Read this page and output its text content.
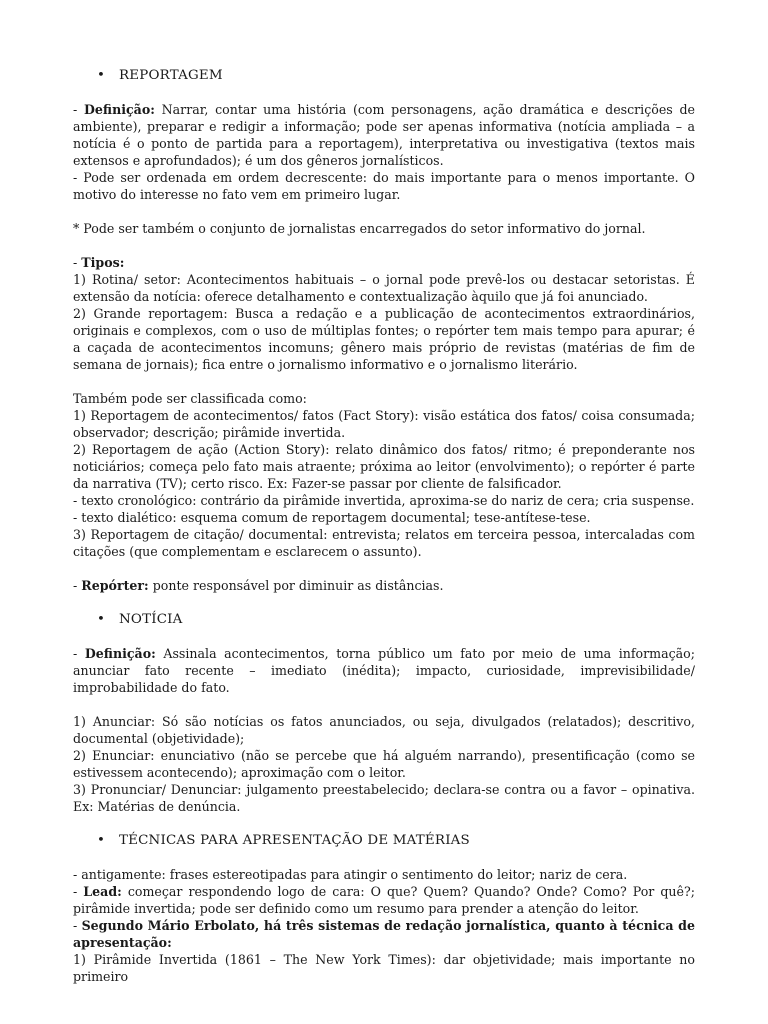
•	REPORTAGEM

- Definição: Narrar, contar uma história (com personagens, ação dramática e descrições de ambiente), preparar e redigir a informação; pode ser apenas informativa (notícia ampliada – a notícia é o ponto de partida para a reportagem), interpretativa ou investigativa (textos mais extensos e aprofundados); é um dos gêneros jornalísticos.

- Pode ser ordenada em ordem decrescente: do mais importante para o menos importante. O motivo do interesse no fato vem em primeiro lugar.

* Pode ser também o conjunto de jornalistas encarregados do setor informativo do jornal.

- Tipos:

1) Rotina/ setor: Acontecimentos habituais – o jornal pode prevê-los ou destacar setoristas. É extensão da notícia: oferece detalhamento e contextualização àquilo que já foi anunciado.

2) Grande reportagem: Busca a redação e a publicação de acontecimentos extraordinários, originais e complexos, com o uso de múltiplas fontes; o repórter tem mais tempo para apurar; é a caçada de acontecimentos incomuns; gênero mais próprio de revistas (matérias de fim de semana de jornais); fica entre o jornalismo informativo e o jornalismo literário.

Também pode ser classificada como:

1) Reportagem de acontecimentos/ fatos (Fact Story): visão estática dos fatos/ coisa consumada; observador; descrição; pirâmide invertida.

2) Reportagem de ação (Action Story): relato dinâmico dos fatos/ ritmo; é preponderante nos noticiários; começa pelo fato mais atraente; próxima ao leitor (envolvimento); o repórter é parte da narrativa (TV); certo risco. Ex: Fazer-se passar por cliente de falsificador.

- texto cronológico: contrário da pirâmide invertida, aproxima-se do nariz de cera; cria suspense.

- texto dialético: esquema comum de reportagem documental; tese-antítese-tese.

3) Reportagem de citação/ documental: entrevista; relatos em terceira pessoa, intercaladas com citações (que complementam e esclarecem o assunto).

- Repórter: ponte responsável por diminuir as distâncias.

•	NOTÍCIA

- Definição: Assinala acontecimentos, torna público um fato por meio de uma informação; anunciar fato recente – imediato (inédita); impacto, curiosidade, imprevisibilidade/ improbabilidade do fato.

1) Anunciar: Só são notícias os fatos anunciados, ou seja, divulgados (relatados); descritivo, documental (objetividade);

2) Enunciar: enunciativo (não se percebe que há alguém narrando), presentificação (como se estivessem acontecendo); aproximação com o leitor.

3) Pronunciar/ Denunciar: julgamento preestabelecido; declara-se contra ou a favor – opinativa. Ex: Matérias de denúncia.

•	TÉCNICAS PARA APRESENTAÇÃO DE MATÉRIAS

- antigamente: frases estereotipadas para atingir o sentimento do leitor; nariz de cera.

- Lead: começar respondendo logo de cara: O que? Quem? Quando? Onde? Como? Por quê?; pirâmide invertida; pode ser definido como um resumo para prender a atenção do leitor.

- Segundo Mário Erbolato, há três sistemas de redação jornalística, quanto à técnica de apresentação:

1) Pirâmide Invertida (1861 – The New York Times): dar objetividade; mais importante no primeiro
